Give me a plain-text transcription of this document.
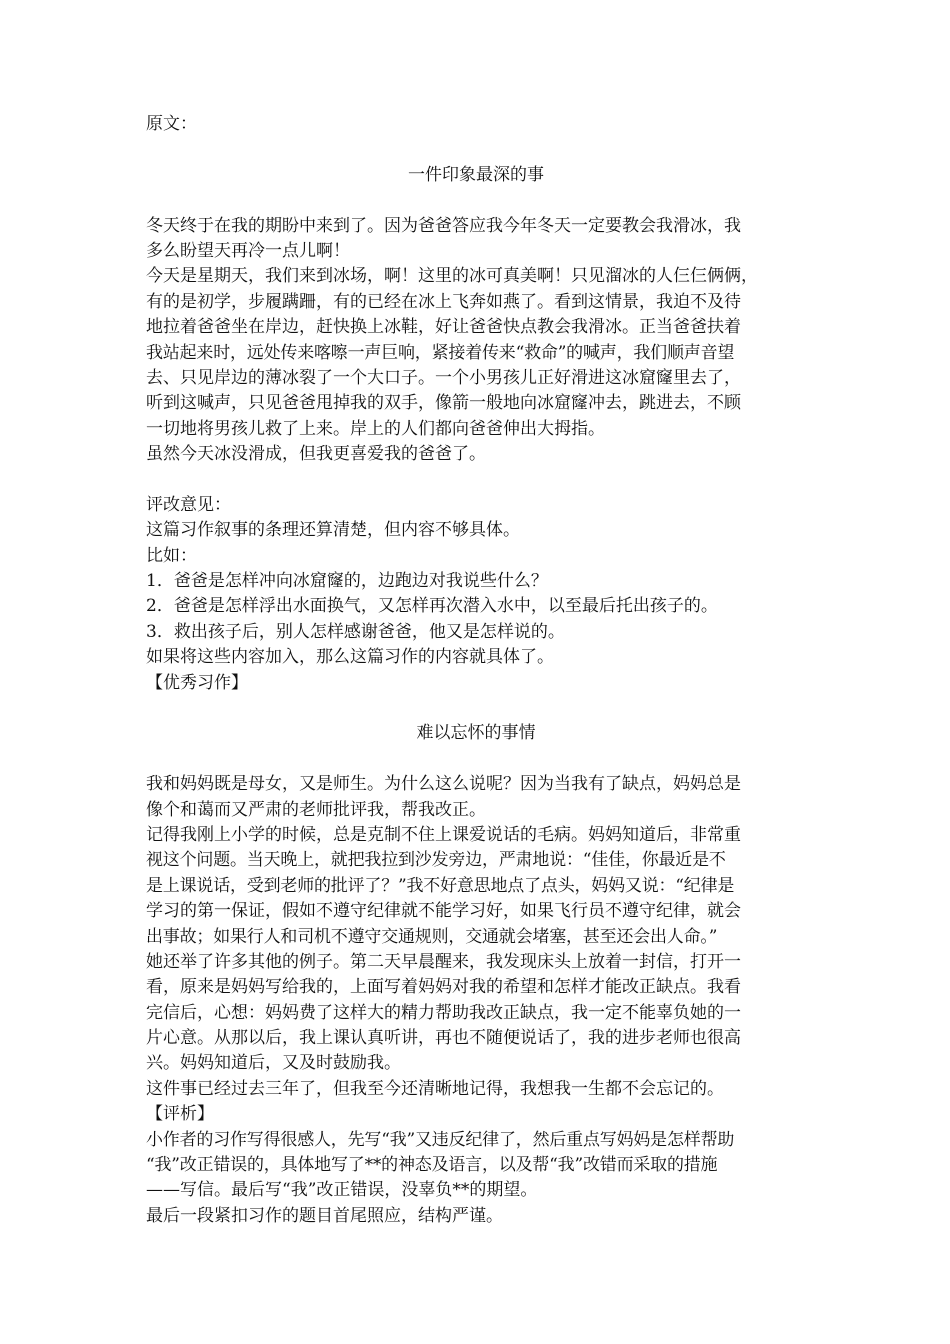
原文：
一件印象最深的事
冬天终于在我的期盼中来到了。因为爸爸答应我今年冬天一定要教会我滑冰，我
多么盼望天再冷一点儿啊！
今天是星期天，我们来到冰场，啊！这里的冰可真美啊！只见溜冰的人仨仨俩俩，
有的是初学，步履蹒跚，有的已经在冰上飞奔如燕了。看到这情景，我迫不及待
地拉着爸爸坐在岸边，赶快换上冰鞋，好让爸爸快点教会我滑冰。正当爸爸扶着
我站起来时，远处传来喀嚓一声巨响，紧接着传来“救命”的喊声，我们顺声音望
去、只见岸边的薄冰裂了一个大口子。一个小男孩儿正好滑进这冰窟窿里去了，
听到这喊声，只见爸爸甩掉我的双手，像箭一般地向冰窟窿冲去，跳进去，不顾
一切地将男孩儿救了上来。岸上的人们都向爸爸伸出大拇指。
虽然今天冰没滑成，但我更喜爱我的爸爸了。
评改意见：
这篇习作叙事的条理还算清楚，但内容不够具体。
比如：
1．爸爸是怎样冲向冰窟窿的，边跑边对我说些什么？
2．爸爸是怎样浮出水面换气，又怎样再次潜入水中，以至最后托出孩子的。
3．救出孩子后，别人怎样感谢爸爸，他又是怎样说的。
如果将这些内容加入，那么这篇习作的内容就具体了。
【优秀习作】
难以忘怀的事情
我和妈妈既是母女，又是师生。为什么这么说呢？因为当我有了缺点，妈妈总是
像个和蔼而又严肃的老师批评我，帮我改正。
记得我刚上小学的时候，总是克制不住上课爱说话的毛病。妈妈知道后，非常重
视这个问题。当天晚上，就把我拉到沙发旁边，严肃地说：“佳佳，你最近是不
是上课说话，受到老师的批评了？”我不好意思地点了点头，妈妈又说：“纪律是
学习的第一保证，假如不遵守纪律就不能学习好，如果飞行员不遵守纪律，就会
出事故；如果行人和司机不遵守交通规则，交通就会堵塞，甚至还会出人命。”
她还举了许多其他的例子。第二天早晨醒来，我发现床头上放着一封信，打开一
看，原来是妈妈写给我的，上面写着妈妈对我的希望和怎样才能改正缺点。我看
完信后，心想：妈妈费了这样大的精力帮助我改正缺点，我一定不能辜负她的一
片心意。从那以后，我上课认真听讲，再也不随便说话了，我的进步老师也很高
兴。妈妈知道后，又及时鼓励我。
这件事已经过去三年了，但我至今还清晰地记得，我想我一生都不会忘记的。
【评析】
小作者的习作写得很感人，先写“我”又违反纪律了，然后重点写妈妈是怎样帮助
“我”改正错误的，具体地写了**的神态及语言，以及帮“我”改错而采取的措施
——写信。最后写“我”改正错误，没辜负**的期望。
最后一段紧扣习作的题目首尾照应，结构严谨。
